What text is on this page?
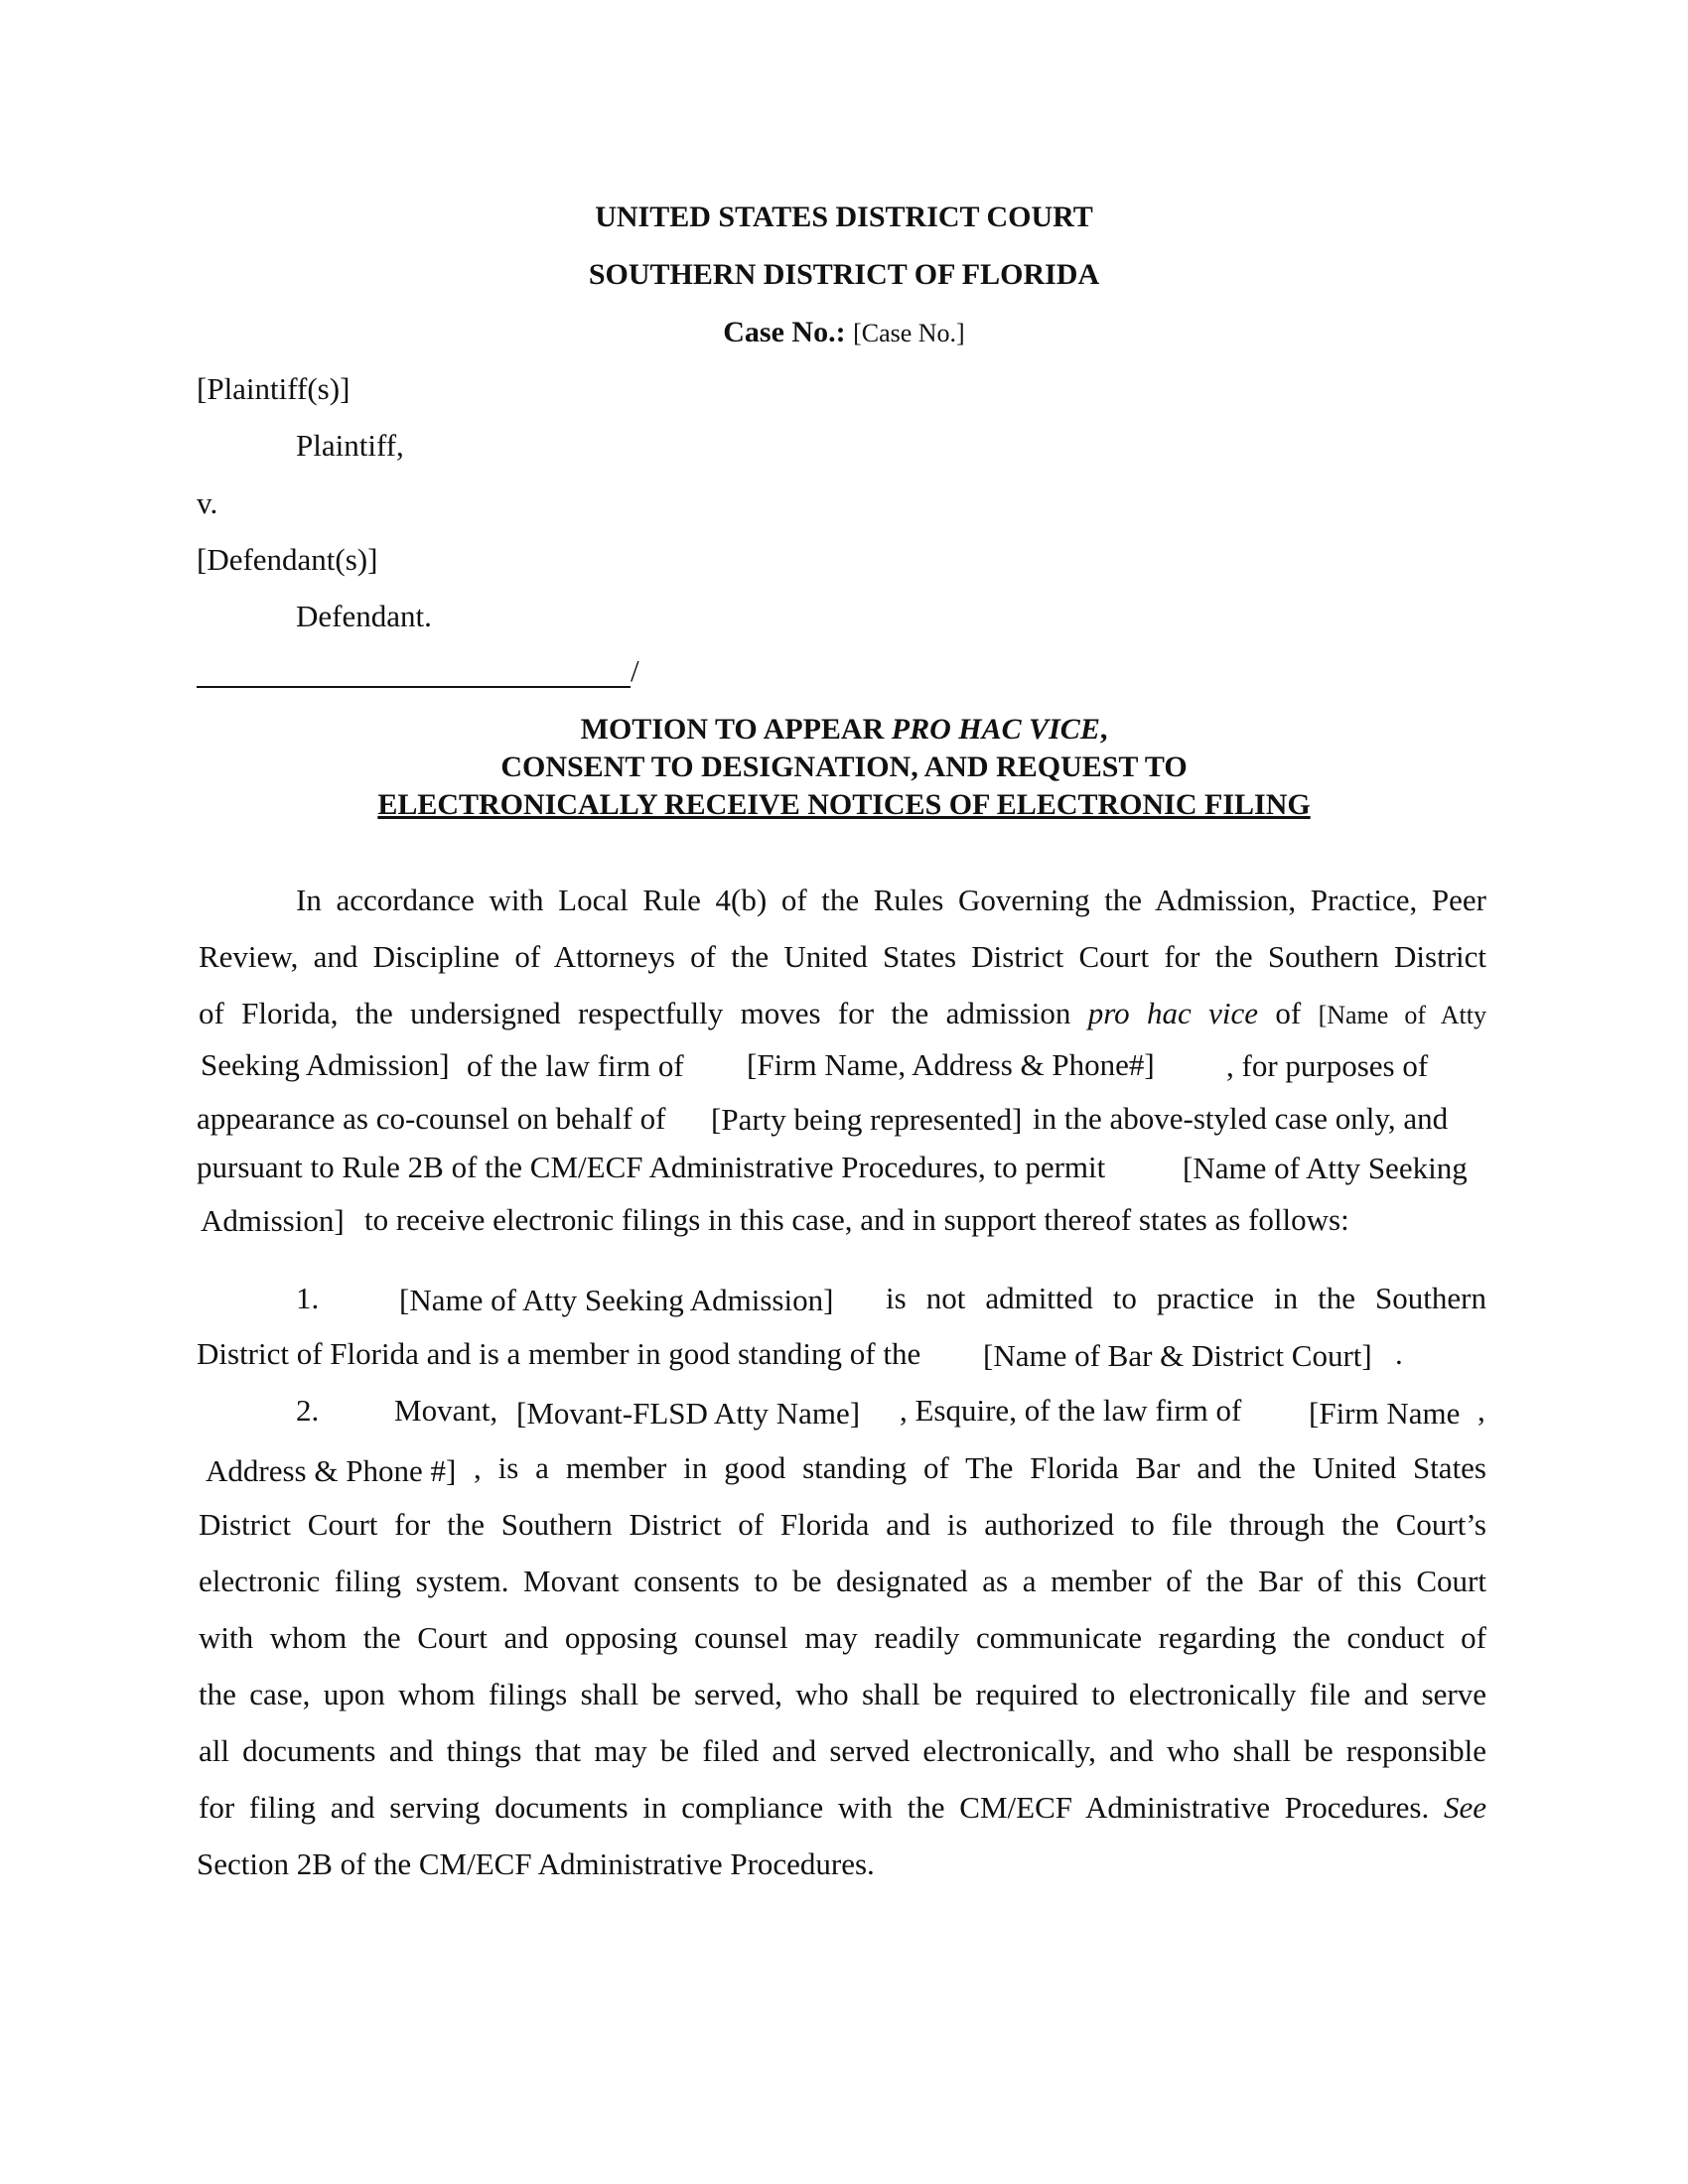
UNITED STATES DISTRICT COURT
SOUTHERN DISTRICT OF FLORIDA
Case No.: [Case No.]
[Plaintiff(s)]
Plaintiff,
v.
[Defendant(s)]
Defendant.
/
MOTION TO APPEAR PRO HAC VICE,
CONSENT TO DESIGNATION, AND REQUEST TO
ELECTRONICALLY RECEIVE NOTICES OF ELECTRONIC FILING
In accordance with Local Rule 4(b) of the Rules Governing the Admission, Practice, Peer
Review, and Discipline of Attorneys of the United States District Court for the Southern District
of Florida, the undersigned respectfully moves for the admission pro hac vice of [Name of Atty
Seeking Admission] of the law firm of [Firm Name, Address & Phone#] , for purposes of
appearance as co-counsel on behalf of [Party being represented] in the above-styled case only, and
pursuant to Rule 2B of the CM/ECF Administrative Procedures, to permit	[Name of Atty Seeking
Admission] to receive electronic filings in this case, and in support thereof states as follows:
1.	[Name of Atty Seeking Admission] is not admitted to practice in the Southern
District of Florida and is a member in good standing of the [Name of Bar & District Court] .
2. Movant, [Movant-FLSD Atty Name] , Esquire, of the law firm of [Firm Name ,
Address & Phone #] , is a member in good standing of The Florida Bar and the United States
District Court for the Southern District of Florida and is authorized to file through the Court’s
electronic filing system. Movant consents to be designated as a member of the Bar of this Court
with whom the Court and opposing counsel may readily communicate regarding the conduct of
the case, upon whom filings shall be served, who shall be required to electronically file and serve
all documents and things that may be filed and served electronically, and who shall be responsible
for filing and serving documents in compliance with the CM/ECF Administrative Procedures. See
Section 2B of the CM/ECF Administrative Procedures.
